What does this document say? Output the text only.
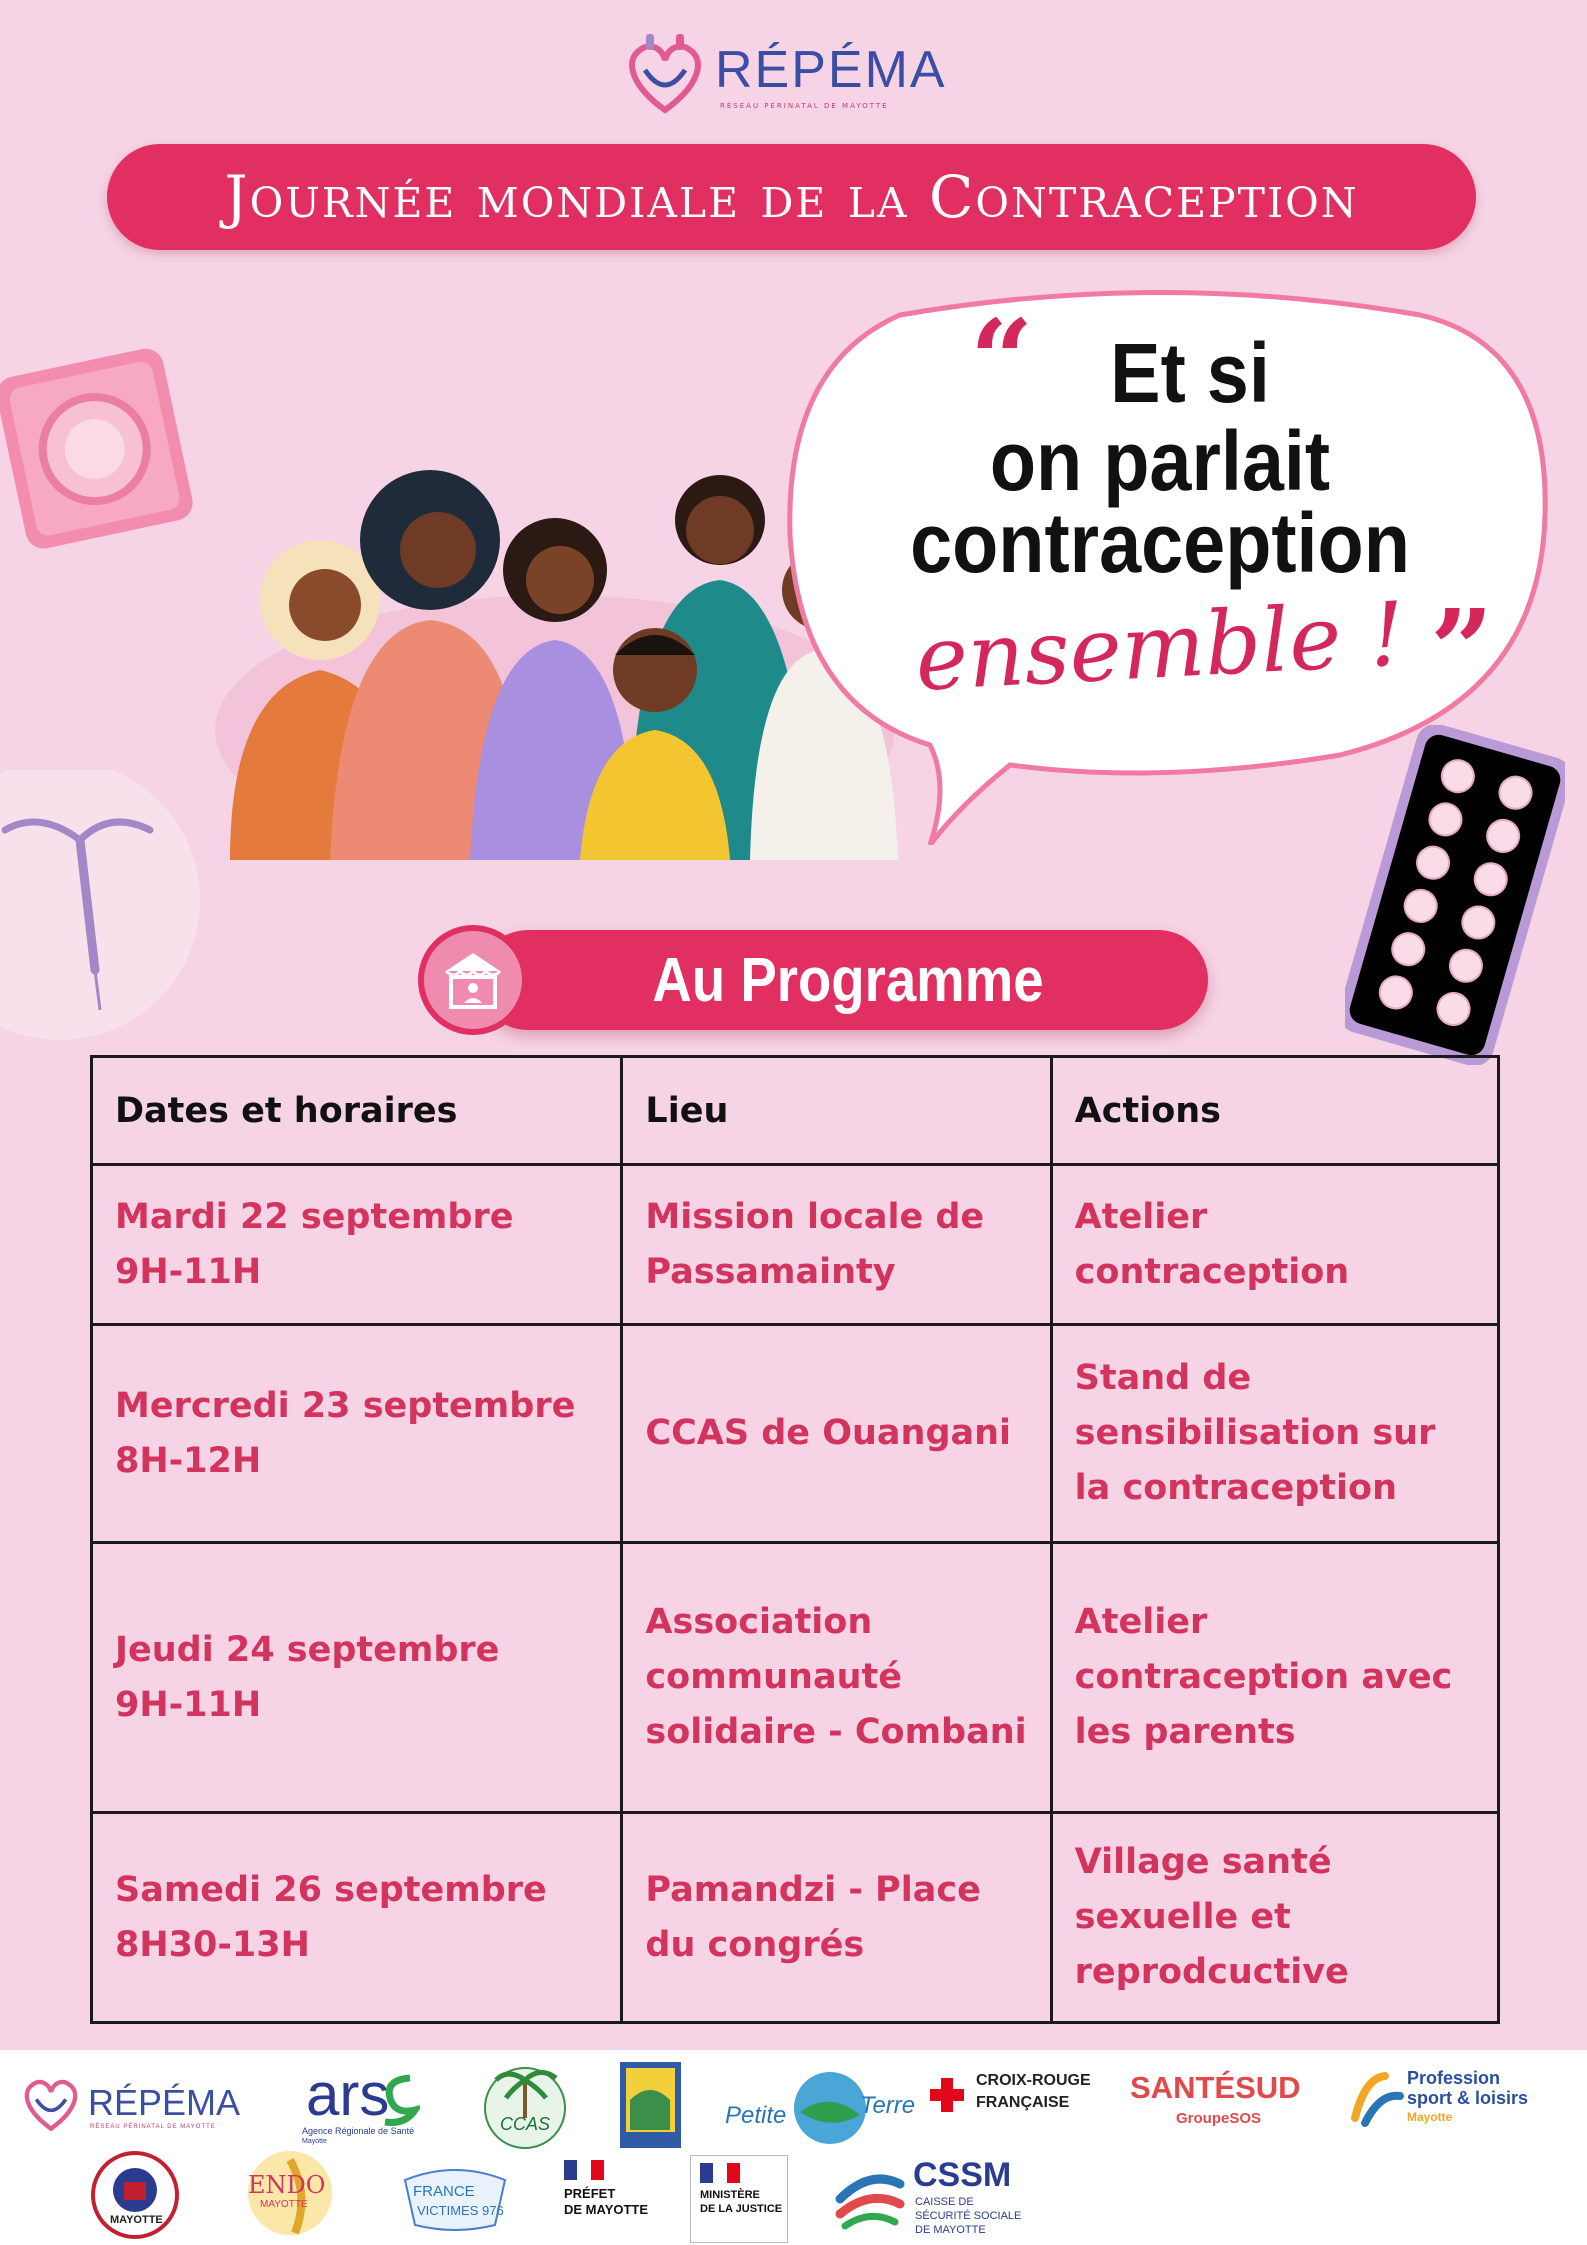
RÉPÉMA
RÉSEAU PÉRINATAL DE MAYOTTE
Journée mondiale de la Contraception
“
”
Et si
on parlait
contraception
ensemble !
Au Programme
Dates et horaires	Lieu	Actions

Mardi 22 septembre
9H-11H	Mission locale de Passamainty	Atelier contraception

Mercredi 23 septembre
8H-12H	CCAS de Ouangani	Stand de sensibilisation sur la contraception

Jeudi 24 septembre
9H-11H	Association communauté solidaire - Combani	Atelier contraception avec les parents

Samedi 26 septembre
8H30-13H	Pamandzi - Place du congrés	Village santé sexuelle et reprodcuctive
RÉPÉMA
RÉSEAU PÉRINATAL DE MAYOTTE ars
Agence Régionale de Santé
Mayotte
CCAS	Petite	Terre
CROIX-ROUGE
FRANÇAISE SANTÉSUD
GroupeSOS
Profession
sport & loisirs
Mayotte
MAYOTTE
ENDO
MAYOTTE
FRANCE
VICTIMES 976
PRÉFET
DE MAYOTTE
MINISTÈRE
DE LA JUSTICE
CSSM
CAISSE DE
SÉCURITÉ SOCIALE
DE MAYOTTE
